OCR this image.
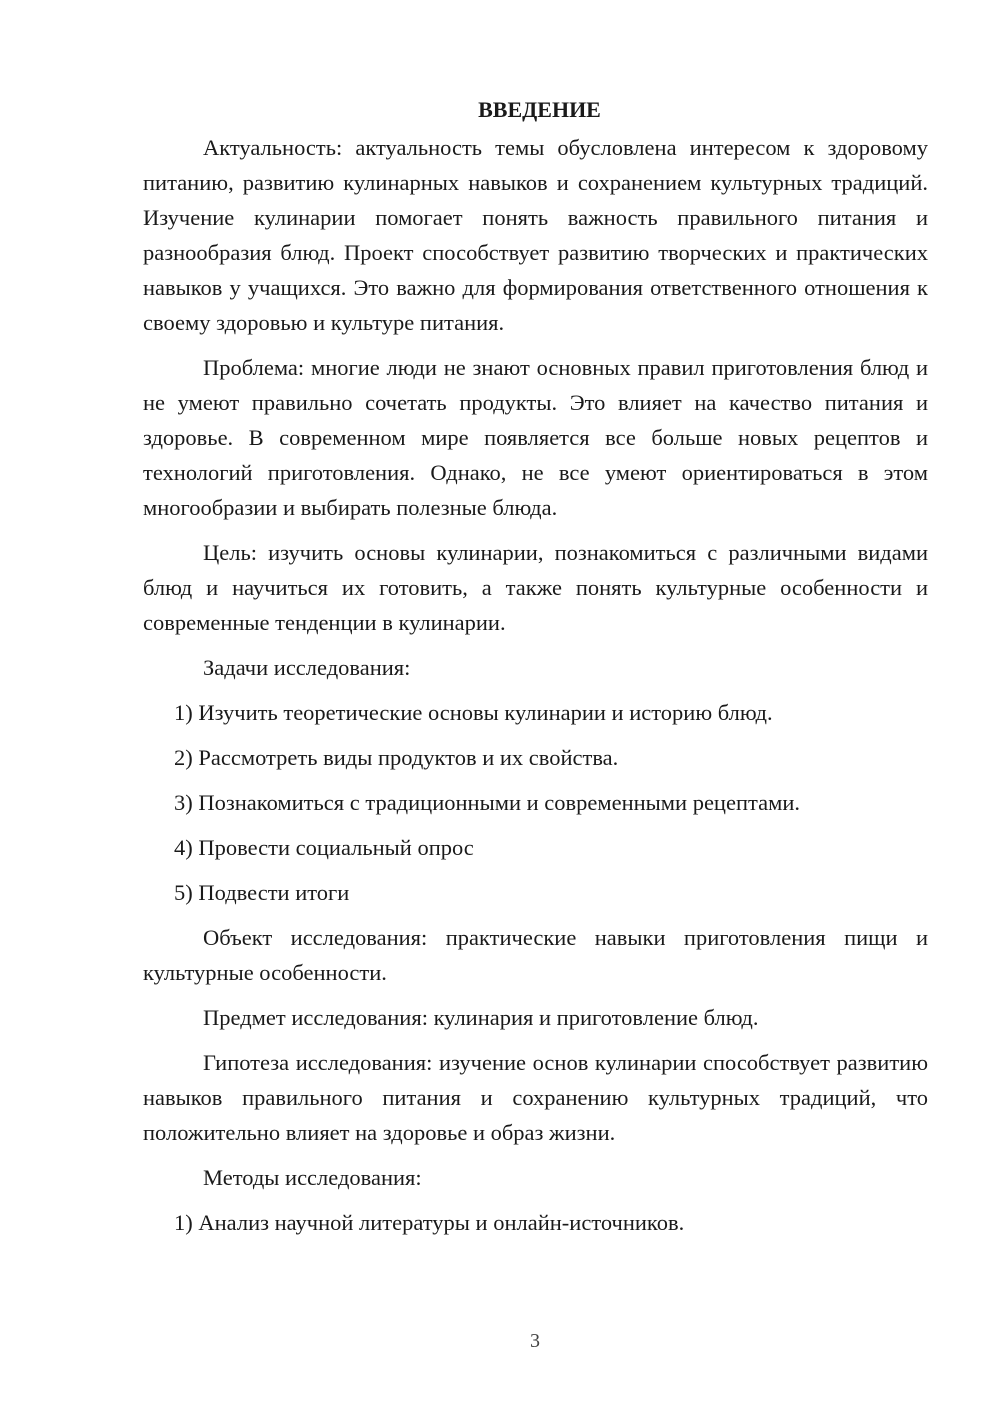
ВВЕДЕНИЕ

Актуальность: актуальность темы обусловлена интересом к здоровому питанию, развитию кулинарных навыков и сохранением культурных традиций. Изучение кулинарии помогает понять важность правильного питания и разнообразия блюд. Проект способствует развитию творческих и практических навыков у учащихся. Это важно для формирования ответственного отношения к своему здоровью и культуре питания.

Проблема: многие люди не знают основных правил приготовления блюд и не умеют правильно сочетать продукты. Это влияет на качество питания и здоровье. В современном мире появляется все больше новых рецептов и технологий приготовления. Однако, не все умеют ориентироваться в этом многообразии и выбирать полезные блюда.

Цель: изучить основы кулинарии, познакомиться с различными видами блюд и научиться их готовить, а также понять культурные особенности и современные тенденции в кулинарии.

Задачи исследования:

1) Изучить теоретические основы кулинарии и историю блюд.

2) Рассмотреть виды продуктов и их свойства.

3) Познакомиться с традиционными и современными рецептами.

4) Провести социальный опрос

5) Подвести итоги

Объект исследования: практические навыки приготовления пищи и культурные особенности.

Предмет исследования: кулинария и приготовление блюд.

Гипотеза исследования: изучение основ кулинарии способствует развитию навыков правильного питания и сохранению культурных традиций, что положительно влияет на здоровье и образ жизни.

Методы исследования:

1) Анализ научной литературы и онлайн-источников.

3
